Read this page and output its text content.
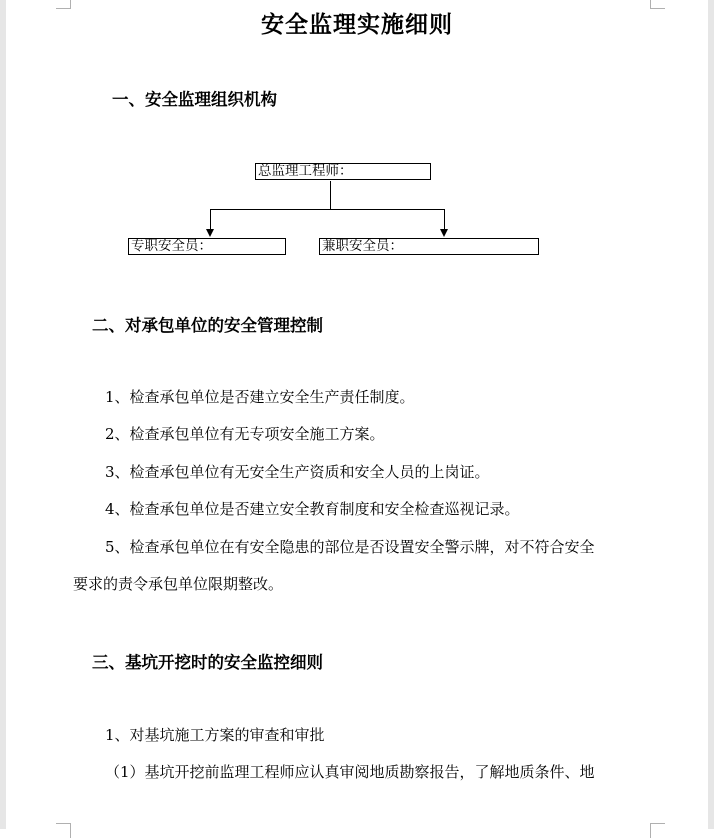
安全监理实施细则
一、安全监理组织机构
总监理工程师：
专职安全员：	兼职安全员：
二、对承包单位的安全管理控制
1、检查承包单位是否建立安全生产责任制度。
2、检查承包单位有无专项安全施工方案。
3、检查承包单位有无安全生产资质和安全人员的上岗证。
4、检查承包单位是否建立安全教育制度和安全检查巡视记录。
5、检查承包单位在有安全隐患的部位是否设置安全警示牌，对不符合安全
要求的责令承包单位限期整改。
三、基坑开挖时的安全监控细则
1、对基坑施工方案的审查和审批
（1）基坑开挖前监理工程师应认真审阅地质勘察报告，了解地质条件、地
